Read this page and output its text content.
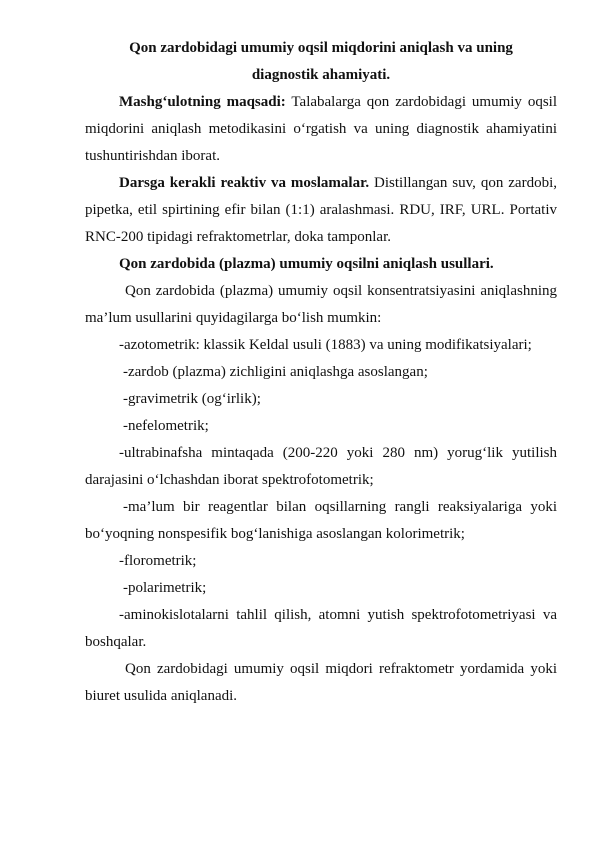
Qon zardobidagi umumiy oqsil miqdorini aniqlash va uning
diagnostik ahamiyati.

Mashg‘ulotning maqsadi: Talabalarga qon zardobidagi umumiy oqsil miqdorini aniqlash metodikasini o‘rgatish va uning diagnostik ahamiyatini tushuntirishdan iborat.

Darsga kerakli reaktiv va moslamalar. Distillangan suv, qon zardobi, pipetka, etil spirtining efir bilan (1:1) aralashmasi. RDU, IRF, URL. Portativ RNC-200 tipidagi refraktometrlar, doka tamponlar.

Qon zardobida (plazma) umumiy oqsilni aniqlash usullari.

Qon zardobida (plazma) umumiy oqsil konsentratsiyasini aniqlashning ma’lum usullarini quyidagilarga bo‘lish mumkin:

-azotometrik: klassik Keldal usuli (1883) va uning modifikatsiyalari;

-zardob (plazma) zichligini aniqlashga asoslangan;

-gravimetrik (og‘irlik);

-nefelometrik;

-ultrabinafsha mintaqada (200-220 yoki 280 nm) yorug‘lik yutilish darajasini o‘lchashdan iborat spektrofotometrik;

-ma’lum bir reagentlar bilan oqsillarning rangli reaksiyalariga yoki bo‘yoqning nonspesifik bog‘lanishiga asoslangan kolorimetrik;

-florometrik;

-polarimetrik;

-aminokislotalarni tahlil qilish, atomni yutish spektrofotometriyasi va boshqalar.

Qon zardobidagi umumiy oqsil miqdori refraktometr yordamida yoki biuret usulida aniqlanadi.
